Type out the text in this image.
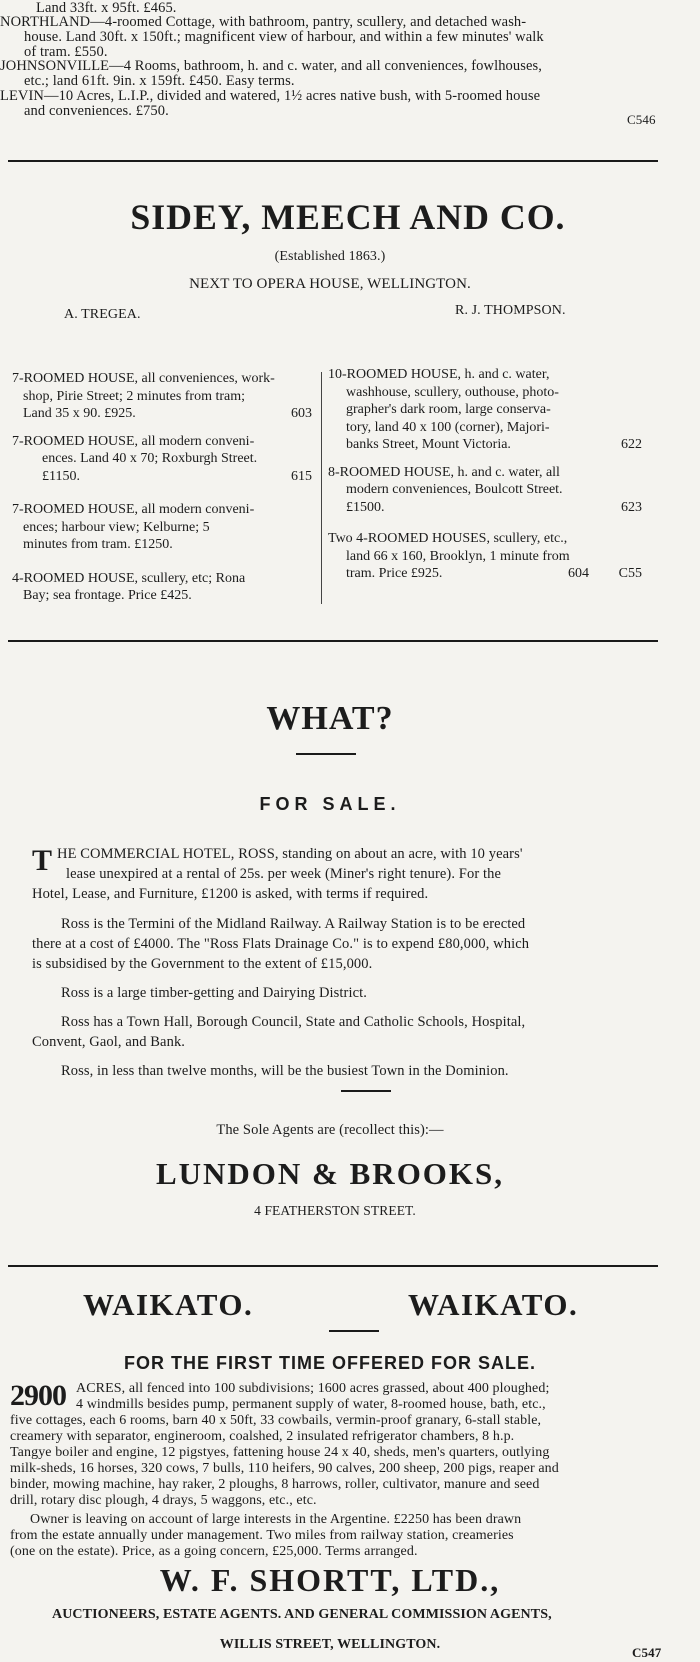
Land 33ft. x 95ft. £465.
NORTHLAND—4-roomed Cottage, with bathroom, pantry, scullery, and detached wash-
house. Land 30ft. x 150ft.; magnificent view of harbour, and within a few minutes' walk
of tram. £550.
JOHNSONVILLE—4 Rooms, bathroom, h. and c. water, and all conveniences, fowlhouses,
etc.; land 61ft. 9in. x 159ft. £450. Easy terms.
LEVIN—10 Acres, L.I.P., divided and watered, 1½ acres native bush, with 5-roomed house
and conveniences. £750.
C546
SIDEY, MEECH AND CO.
(Established 1863.)
NEXT TO OPERA HOUSE, WELLINGTON.
A. TREGEA.	R. J. THOMPSON.
7-ROOMED HOUSE, all conveniences, work-
shop, Pirie Street; 2 minutes from tram;
Land 35 x 90. £925.	603
7-ROOMED HOUSE, all modern conveni-
ences. Land 40 x 70; Roxburgh Street.
£1150.	615
7-ROOMED HOUSE, all modern conveni-
ences; harbour view; Kelburne; 5
minutes from tram. £1250.
4-ROOMED HOUSE, scullery, etc; Rona
Bay; sea frontage. Price £425.
10-ROOMED HOUSE, h. and c. water,
washhouse, scullery, outhouse, photo-
grapher's dark room, large conserva-
tory, land 40 x 100 (corner), Majori-
banks Street, Mount Victoria.	622
8-ROOMED HOUSE, h. and c. water, all
modern conveniences, Boulcott Street.
£1500.	623
Two 4-ROOMED HOUSES, scullery, etc.,
land 66 x 160, Brooklyn, 1 minute from
tram. Price £925.	604 C55
WHAT?
FOR SALE.
T HE COMMERCIAL HOTEL, ROSS, standing on about an acre, with 10 years'
lease unexpired at a rental of 25s. per week (Miner's right tenure). For the
Hotel, Lease, and Furniture, £1200 is asked, with terms if required.
Ross is the Termini of the Midland Railway. A Railway Station is to be erected
there at a cost of £4000. The "Ross Flats Drainage Co." is to expend £80,000, which
is subsidised by the Government to the extent of £15,000.
Ross is a large timber-getting and Dairying District.
Ross has a Town Hall, Borough Council, State and Catholic Schools, Hospital,
Convent, Gaol, and Bank.
Ross, in less than twelve months, will be the busiest Town in the Dominion.
The Sole Agents are (recollect this):—
LUNDON & BROOKS,
4 FEATHERSTON STREET.
WAIKATO.	WAIKATO.
FOR THE FIRST TIME OFFERED FOR SALE.
2900 ACRES, all fenced into 100 subdivisions; 1600 acres grassed, about 400 ploughed;
4 windmills besides pump, permanent supply of water, 8-roomed house, bath, etc.,
five cottages, each 6 rooms, barn 40 x 50ft, 33 cowbails, vermin-proof granary, 6-stall stable,
creamery with separator, engineroom, coalshed, 2 insulated refrigerator chambers, 8 h.p.
Tangye boiler and engine, 12 pigstyes, fattening house 24 x 40, sheds, men's quarters, outlying
milk-sheds, 16 horses, 320 cows, 7 bulls, 110 heifers, 90 calves, 200 sheep, 200 pigs, reaper and
binder, mowing machine, hay raker, 2 ploughs, 8 harrows, roller, cultivator, manure and seed
drill, rotary disc plough, 4 drays, 5 waggons, etc., etc.
Owner is leaving on account of large interests in the Argentine. £2250 has been drawn
from the estate annually under management. Two miles from railway station, creameries
(one on the estate). Price, as a going concern, £25,000. Terms arranged.
W. F. SHORTT, LTD.,
AUCTIONEERS, ESTATE AGENTS. AND GENERAL COMMISSION AGENTS,
WILLIS STREET, WELLINGTON.
C547
